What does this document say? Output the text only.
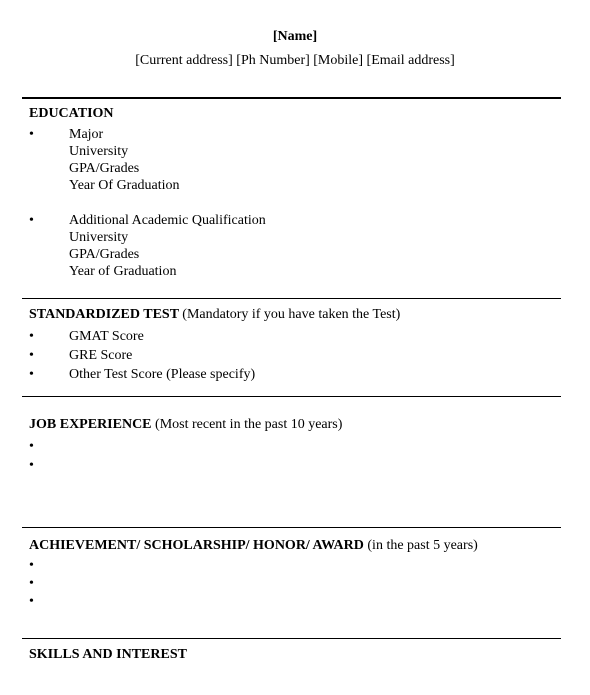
[Name]
[Current address] [Ph Number] [Mobile] [Email address]
EDUCATION
•
Major
University
GPA/Grades
Year Of Graduation
•
Additional Academic Qualification
University
GPA/Grades
Year of Graduation
STANDARDIZED TEST (Mandatory if you have taken the Test)
•
GMAT Score
•
GRE Score
•
Other Test Score (Please specify)
JOB EXPERIENCE (Most recent in the past 10 years)
•
•
ACHIEVEMENT/ SCHOLARSHIP/ HONOR/ AWARD (in the past 5 years)
•
•
•
SKILLS AND INTEREST
